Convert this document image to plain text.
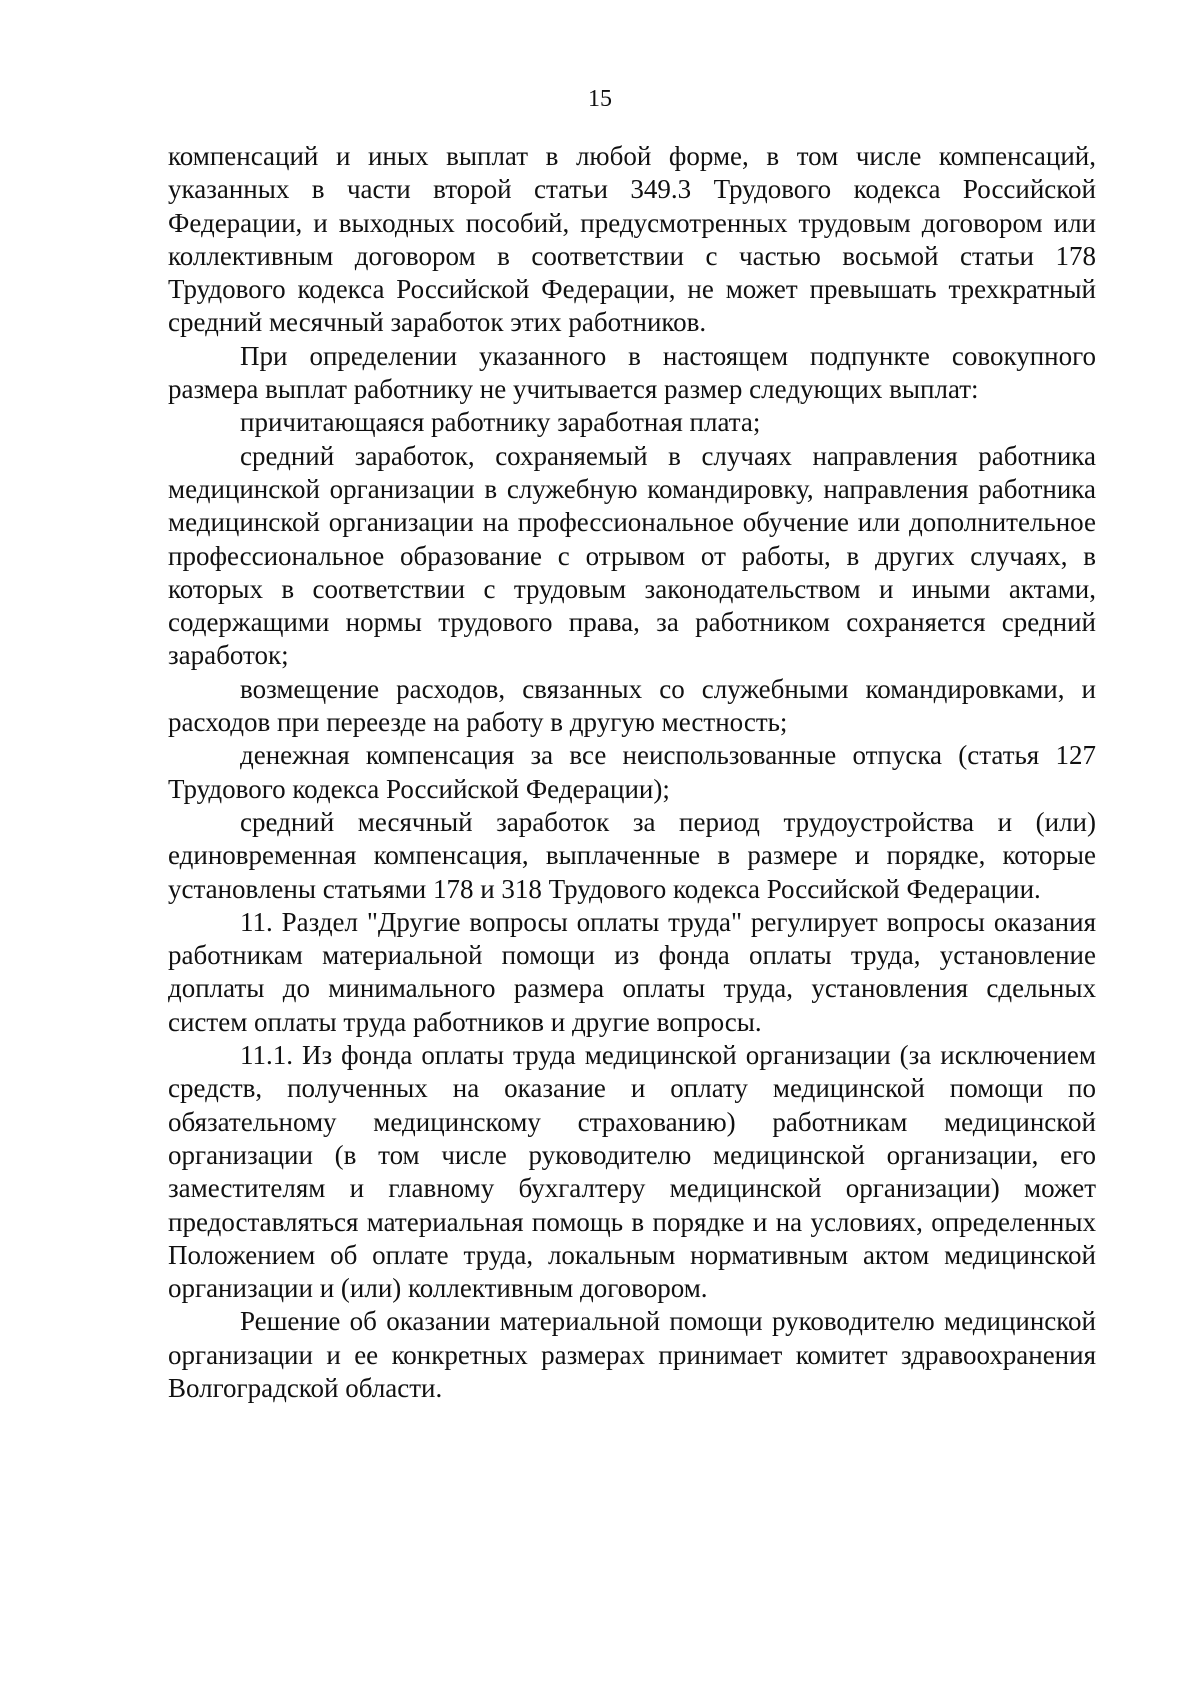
15

компенсаций и иных выплат в любой форме, в том числе компенсаций, указанных в части второй статьи 349.3 Трудового кодекса Российской Федерации, и выходных пособий, предусмотренных трудовым договором или коллективным договором в соответствии с частью восьмой статьи 178 Трудового кодекса Российской Федерации, не может превышать трехкратный средний месячный заработок этих работников.

При определении указанного в настоящем подпункте совокупного размера выплат работнику не учитывается размер следующих выплат:

причитающаяся работнику заработная плата;

средний заработок, сохраняемый в случаях направления работника медицинской организации в служебную командировку, направления работника медицинской организации на профессиональное обучение или дополнительное профессиональное образование с отрывом от работы, в других случаях, в которых в соответствии с трудовым законодательством и иными актами, содержащими нормы трудового права, за работником сохраняется средний заработок;

возмещение расходов, связанных со служебными командировками, и расходов при переезде на работу в другую местность;

денежная компенсация за все неиспользованные отпуска (статья 127 Трудового кодекса Российской Федерации);

средний месячный заработок за период трудоустройства и (или) единовременная компенсация, выплаченные в размере и порядке, которые установлены статьями 178 и 318 Трудового кодекса Российской Федерации.

11. Раздел "Другие вопросы оплаты труда" регулирует вопросы оказания работникам материальной помощи из фонда оплаты труда, установление доплаты до минимального размера оплаты труда, установления сдельных систем оплаты труда работников и другие вопросы.

11.1. Из фонда оплаты труда медицинской организации (за исключением средств, полученных на оказание и оплату медицинской помощи по обязательному медицинскому страхованию) работникам медицинской организации (в том числе руководителю медицинской организации, его заместителям и главному бухгалтеру медицинской организации) может предоставляться материальная помощь в порядке и на условиях, определенных Положением об оплате труда, локальным нормативным актом медицинской организации и (или) коллективным договором.

Решение об оказании материальной помощи руководителю медицинской организации и ее конкретных размерах принимает комитет здравоохранения Волгоградской области.
